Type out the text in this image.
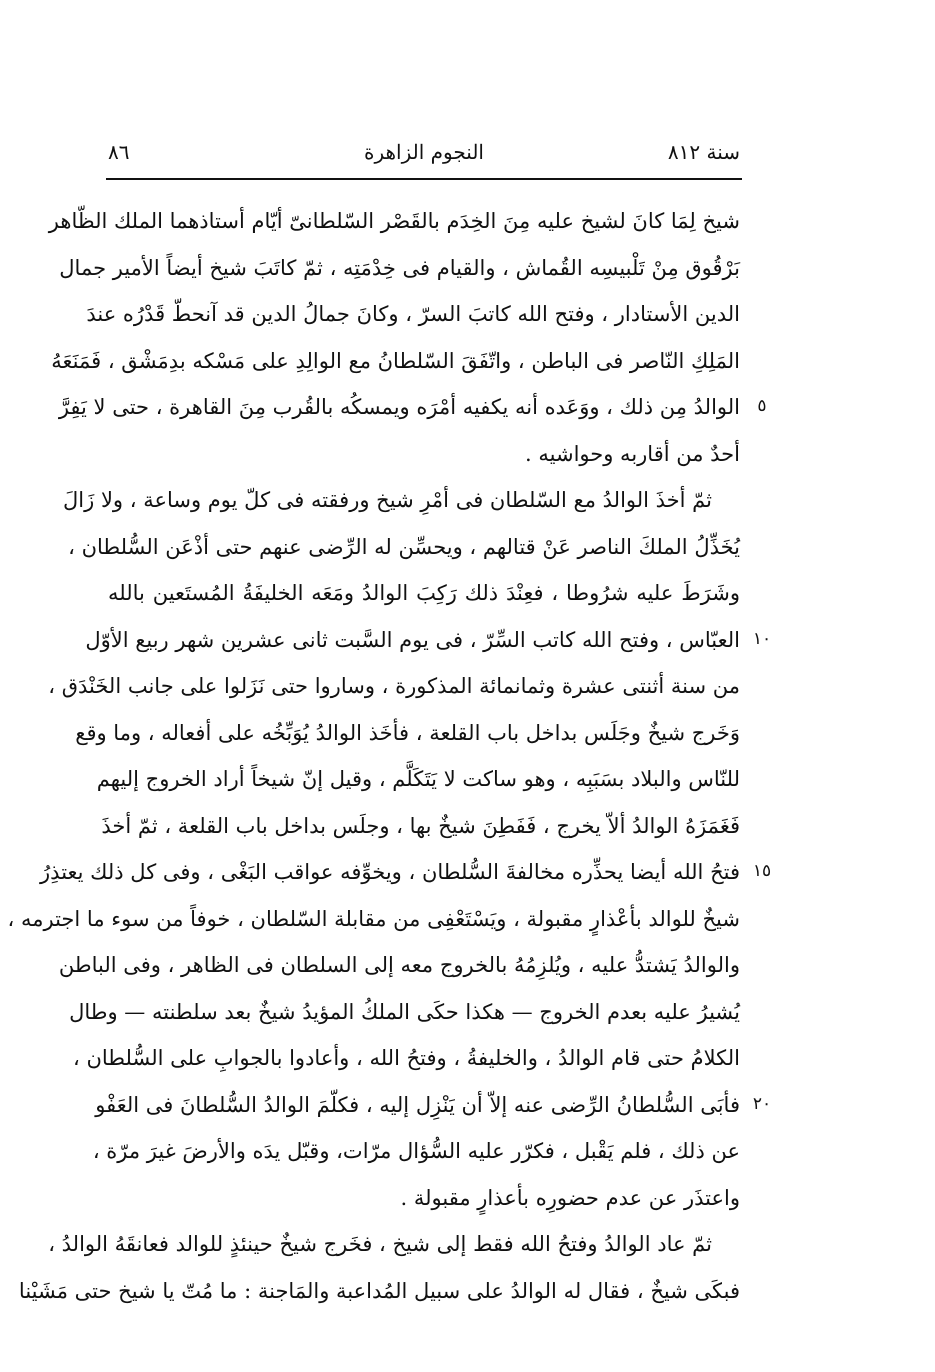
٨٦	النجوم الزاهرة	سنة ٨١٢
شيخ لِمَا كانَ لشيخ عليه مِنَ الخِدَم بالقَصْر السّلطانىّ أيّام أستاذهما الملك الظّاهر
بَرْقُوق مِنْ تَلْبيسِه القُماش ، والقيام فى خِدْمَتِه ، ثمّ كاتَبَ شيخ أيضاً الأمير جمال
الدين الأستادار ، وفتح الله كاتبَ السرّ ، وكانَ جمالُ الدين قد آنحطّ قَدْرُه عندَ
المَلِكِ النّاصر فى الباطن ، واتّفَقَ السّلطانُ مع الوالِدِ على مَسْكه بدِمَشْق ، فَمَنَعَهُ
الوالدُ مِن ذلك ، ووَعَده أنه يكفيه أمْرَه ويمسكُه بالقُرب مِنَ القاهرة ، حتى لا يَفِرَّ
أحدٌ من أقاربه وحواشيه .
ثمّ أخذَ الوالدُ مع السّلطان فى أمْرِ شيخ ورفقته فى كلّ يوم وساعة ، ولا زَالَ
يُخَذِّلُ الملكَ الناصر عَنْ قتالهم ، ويحسِّن له الرِّضى عنهم حتى أذْعَن السُّلطان ،
وشَرَطَ عليه شرُوطا ، فعِنْدَ ذلك رَكِبَ الوالدُ ومَعَه الخليفَةُ المُستَعين بالله
العبّاس ، وفتح الله كاتب السِّرّ ، فى يوم السَّبت ثانى عشرين شهر ربيع الأوّل
من سنة أثنتى عشرة وثمانمائة المذكورة ، وساروا حتى نَزَلوا على جانب الخَنْدَق ،
وَخَرج شيخٌ وجَلَس بداخل باب القلعة ، فأخَذ الوالدُ يُوَبِّخُه على أفعاله ، وما وقع
للنّاس والبلاد بسَبَبِه ، وهو ساكت لا يَتَكَلَّم ، وقيل إنّ شيخاً أراد الخروج إليهم
فَغَمَزَهُ الوالدُ ألاّ يخرج ، فَفَطِنَ شيخٌ بها ، وجلَس بداخل باب القلعة ، ثمّ أخذَ
فتحُ الله أيضا يحذِّره مخالفةَ السُّلطان ، ويخوِّفه عواقب البَغْى ، وفى كل ذلك يعتذِرُ
شيخٌ للوالد بأعْذارٍ مقبولة ، ويَسْتَعْفِى من مقابلة السّلطان ، خوفاً من سوء ما اجترمه ،
والوالدُ يَشتدُّ عليه ، ويُلزِمُهُ بالخروج معه إلى السلطان فى الظاهر ، وفى الباطن
يُشيرُ عليه بعدم الخروج — هكذا حكَى الملكُ المؤيدُ شيخٌ بعد سلطنته — وطال
الكلامُ حتى قام الوالدُ ، والخليفةُ ، وفتحُ الله ، وأعادوا بالجوابِ على السُّلطان ،
فأبَى السُّلطانُ الرِّضى عنه إلاّ أن يَنْزِل إليه ، فكلّمَ الوالدُ السُّلطانَ فى العَفْو
عن ذلك ، فلم يَقْبل ، فكرّر عليه السُّؤال مرّات، وقبّل يدَه والأرضَ غيرَ مرّة ،
واعتذَر عن عدم حضورِه بأعذارٍ مقبولة .
ثمّ عاد الوالدُ وفتحُ الله فقط إلى شيخ ، فخَرج شيخٌ حينئذٍ للوالد فعانقَهُ الوالدُ ،
فبكَى شيخٌ ، فقال له الوالدُ على سبيل المُداعبة والمَاجنة : ما مُتّ يا شيخ حتى مَشَيْنا
٥
١٠
١٥
٢٠
